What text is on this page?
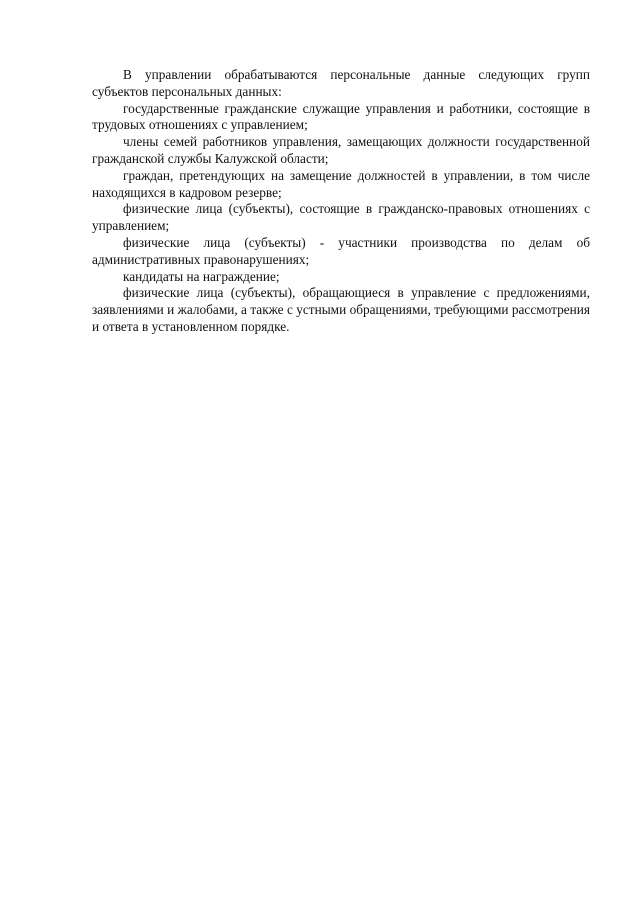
В управлении обрабатываются персональные данные следующих групп субъектов персональных данных:

государственные гражданские служащие управления и работники, состоящие в трудовых отношениях с управлением;

члены семей работников управления, замещающих должности государственной гражданской службы Калужской области;

граждан, претендующих на замещение должностей в управлении, в том числе находящихся в кадровом резерве;

физические лица (субъекты), состоящие в гражданско-правовых отношениях с управлением;

физические лица (субъекты) - участники производства по делам об административных правонарушениях;

кандидаты на награждение;

физические лица (субъекты), обращающиеся в управление с предложениями, заявлениями и жалобами, а также с устными обращениями, требующими рассмотрения и ответа в установленном порядке.
